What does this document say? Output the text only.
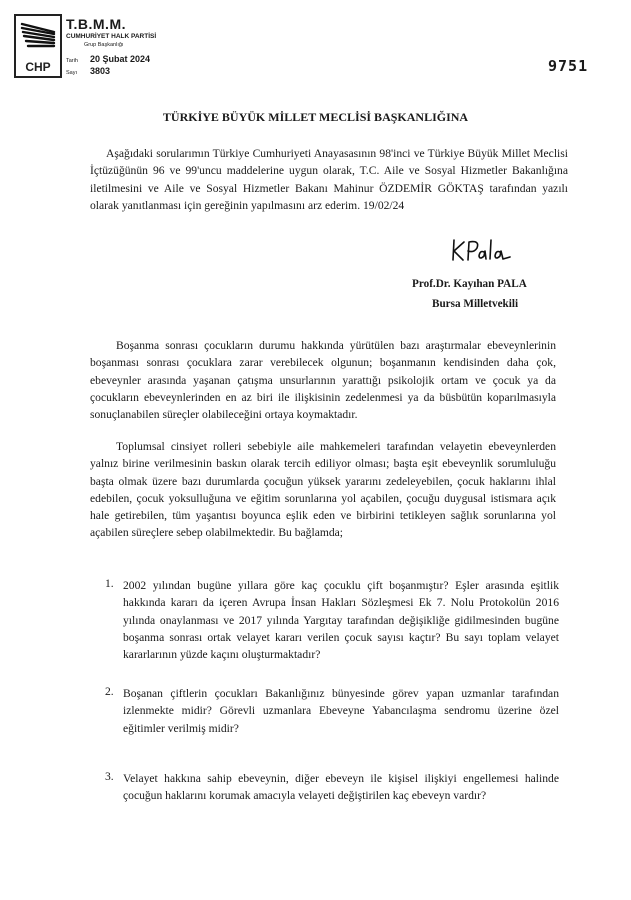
CHP
T.B.M.M.
CUMHURİYET HALK PARTİSİ
Grup Başkanlığı
Tarih 20 Şubat 2024
Sayı 3803	9751
TÜRKİYE BÜYÜK MİLLET MECLİSİ BAŞKANLIĞINA

Aşağıdaki sorularımın Türkiye Cumhuriyeti Anayasasının 98'inci ve Türkiye Büyük Millet Meclisi İçtüzüğünün 96 ve 99'uncu maddelerine uygun olarak, T.C. Aile ve Sosyal Hizmetler Bakanlığına iletilmesini ve Aile ve Sosyal Hizmetler Bakanı Mahinur ÖZDEMİR GÖKTAŞ tarafından yazılı olarak yanıtlanması için gereğinin yapılmasını arz ederim. 19/02/24

Prof.Dr. Kayıhan PALA
Bursa Milletvekili

Boşanma sonrası çocukların durumu hakkında yürütülen bazı araştırmalar ebeveynlerinin boşanması sonrası çocuklara zarar verebilecek olgunun; boşanmanın kendisinden daha çok, ebeveynler arasında yaşanan çatışma unsurlarının yarattığı psikolojik ortam ve çocuk ya da çocukların ebeveynlerinden en az biri ile ilişkisinin zedelenmesi ya da büsbütün koparılmasıyla sonuçlanabilen süreçler olabileceğini ortaya koymaktadır.

Toplumsal cinsiyet rolleri sebebiyle aile mahkemeleri tarafından velayetin ebeveynlerden yalnız birine verilmesinin baskın olarak tercih ediliyor olması; başta eşit ebeveynlik sorumluluğu başta olmak üzere bazı durumlarda çocuğun yüksek yararını zedeleyebilen, çocuk haklarını ihlal edebilen, çocuk yoksulluğuna ve eğitim sorunlarına yol açabilen, çocuğu duygusal istismara açık hale getirebilen, tüm yaşantısı boyunca eşlik eden ve birbirini tetikleyen sağlık sorunlarına yol açabilen süreçlere sebep olabilmektedir. Bu bağlamda;

1. 2002 yılından bugüne yıllara göre kaç çocuklu çift boşanmıştır? Eşler arasında eşitlik hakkında kararı da içeren Avrupa İnsan Hakları Sözleşmesi Ek 7. Nolu Protokolün 2016 yılında onaylanması ve 2017 yılında Yargıtay tarafından değişikliğe gidilmesinden bugüne boşanma sonrası ortak velayet kararı verilen çocuk sayısı kaçtır? Bu sayı toplam velayet kararlarının yüzde kaçını oluşturmaktadır?

2. Boşanan çiftlerin çocukları Bakanlığınız bünyesinde görev yapan uzmanlar tarafından izlenmekte midir? Görevli uzmanlara Ebeveyne Yabancılaşma sendromu üzerine özel eğitimler verilmiş midir?

3. Velayet hakkına sahip ebeveynin, diğer ebeveyn ile kişisel ilişkiyi engellemesi halinde çocuğun haklarını korumak amacıyla velayeti değiştirilen kaç ebeveyn vardır?
